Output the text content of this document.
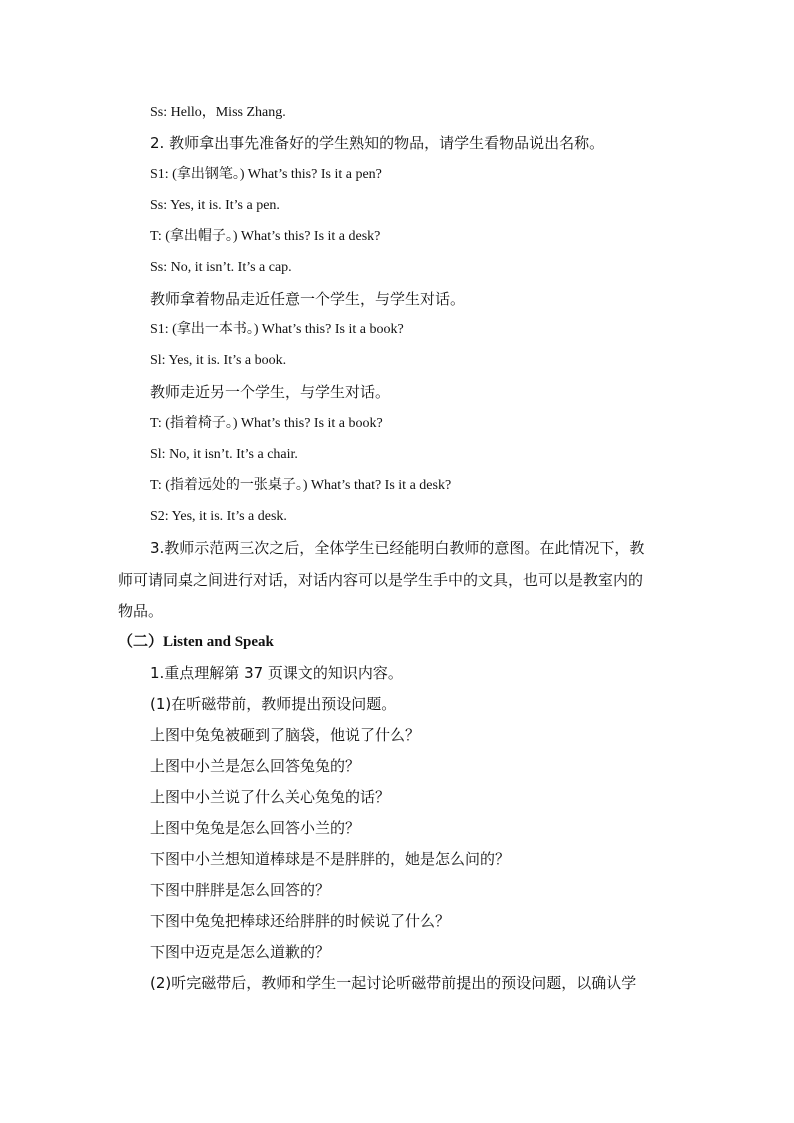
Ss: Hello，Miss Zhang.
2. 教师拿出事先准备好的学生熟知的物品，请学生看物品说出名称。
S1: (拿出钢笔。) What’s this? Is it a pen?
Ss: Yes, it is. It’s a pen.
T: (拿出帽子。) What’s this? Is it a desk?
Ss: No, it isn’t. It’s a cap.
教师拿着物品走近任意一个学生，与学生对话。
S1: (拿出一本书。) What’s this? Is it a book?
Sl: Yes, it is. It’s a book.
教师走近另一个学生，与学生对话。
T: (指着椅子。) What’s this? Is it a book?
Sl: No, it isn’t. It’s a chair.
T: (指着远处的一张桌子。) What’s that? Is it a desk?
S2: Yes, it is. It’s a desk.
3.教师示范两三次之后，全体学生已经能明白教师的意图。在此情况下，教
师可请同桌之间进行对话，对话内容可以是学生手中的文具，也可以是教室内的
物品。
（二）Listen and Speak
1.重点理解第 37 页课文的知识内容。
(1)在听磁带前，教师提出预设问题。
上图中兔兔被砸到了脑袋，他说了什么？
上图中小兰是怎么回答兔兔的？
上图中小兰说了什么关心兔兔的话？
上图中兔兔是怎么回答小兰的？
下图中小兰想知道棒球是不是胖胖的，她是怎么问的？
下图中胖胖是怎么回答的？
下图中兔兔把棒球还给胖胖的时候说了什么？
下图中迈克是怎么道歉的？
(2)听完磁带后，教师和学生一起讨论听磁带前提出的预设问题，以确认学
